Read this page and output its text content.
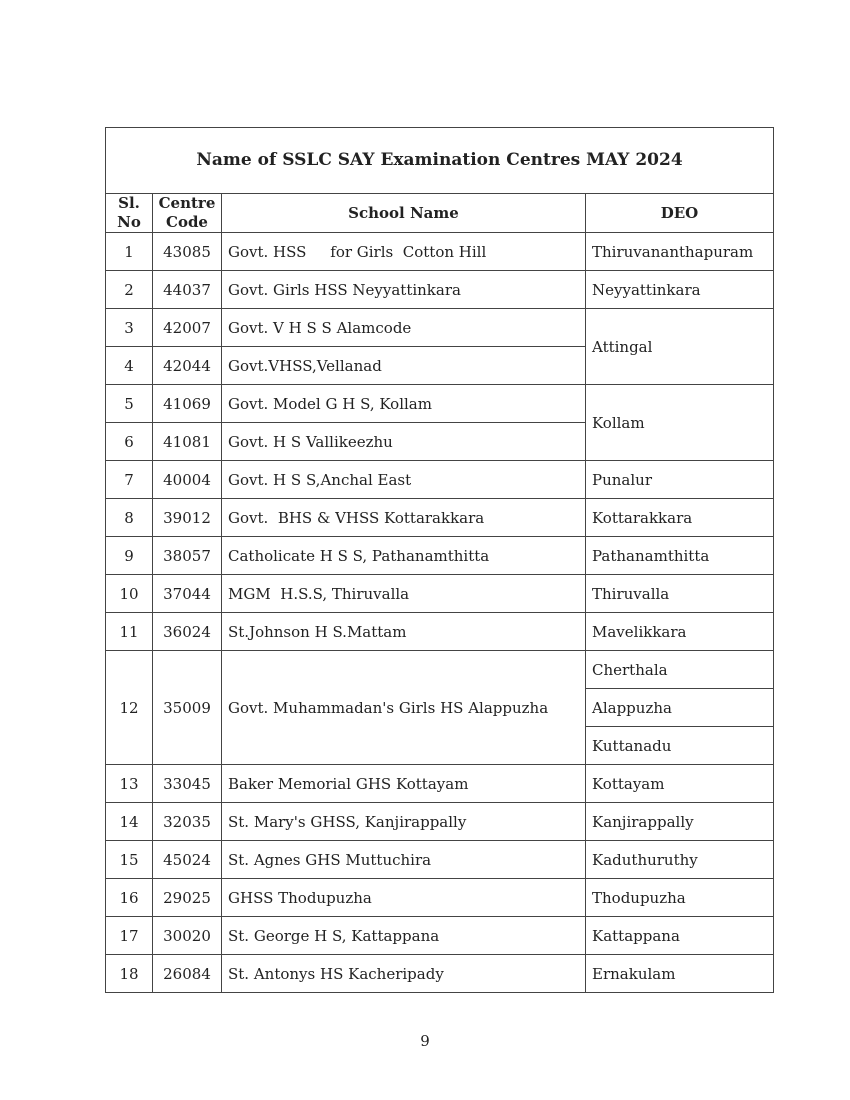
Name of SSLC SAY Examination Centres MAY 2024			
Sl. No	Centre Code	School Name	DEO
1	43085	Govt. HSS     for Girls  Cotton Hill	Thiruvananthapuram
2	44037	Govt. Girls HSS Neyyattinkara	Neyyattinkara
3	42007	Govt. V H S S Alamcode	Attingal
4	42044	Govt.VHSS,Vellanad	
5	41069	Govt. Model G H S, Kollam	Kollam
6	41081	Govt. H S Vallikeezhu	
7	40004	Govt. H S S,Anchal East	Punalur
8	39012	Govt.  BHS & VHSS Kottarakkara	Kottarakkara
9	38057	Catholicate H S S, Pathanamthitta	Pathanamthitta
10	37044	MGM  H.S.S, Thiruvalla	Thiruvalla
11	36024	St.Johnson H S.Mattam	Mavelikkara
12	35009	Govt. Muhammadan's Girls HS Alappuzha	Cherthala
			Alappuzha
			Kuttanadu
13	33045	Baker Memorial GHS Kottayam	Kottayam
14	32035	St. Mary's GHSS, Kanjirappally	Kanjirappally
15	45024	St. Agnes GHS Muttuchira	Kaduthuruthy
16	29025	GHSS Thodupuzha	Thodupuzha
17	30020	St. George H S, Kattappana	Kattappana
18	26084	St. Antonys HS Kacheripady	Ernakulam
9
